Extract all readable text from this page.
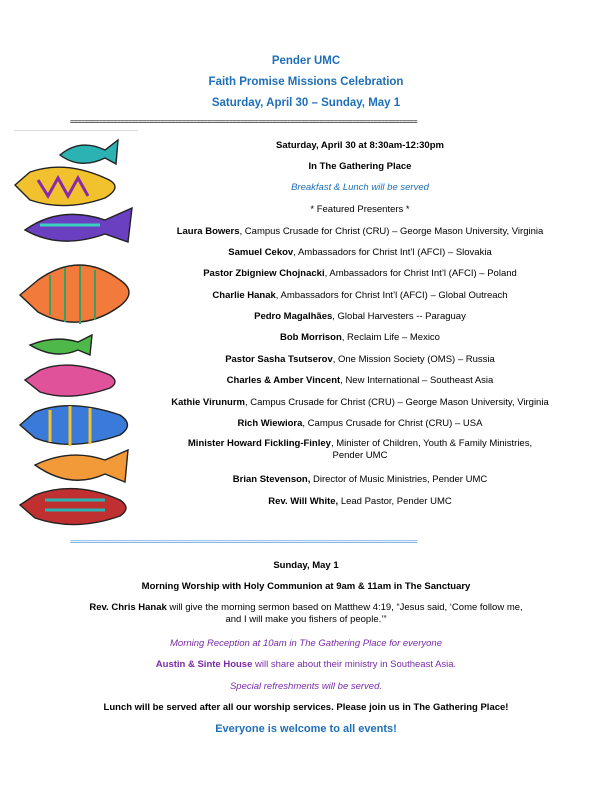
Pender UMC
Faith Promise Missions Celebration
Saturday, April 30 – Sunday, May 1
================================================================================================
Saturday, April 30 at 8:30am-12:30pm
In The Gathering Place
Breakfast & Lunch will be served
* Featured Presenters *
Laura Bowers, Campus Crusade for Christ (CRU) – George Mason University, Virginia
Samuel Cekov, Ambassadors for Christ Int’l (AFCI) – Slovakia
Pastor Zbigniew Chojnacki, Ambassadors for Christ Int’l (AFCI) – Poland
Charlie Hanak, Ambassadors for Christ Int’l (AFCI) – Global Outreach
Pedro Magalhães, Global Harvesters -- Paraguay
Bob Morrison, Reclaim Life – Mexico
Pastor Sasha Tsutserov, One Mission Society (OMS) – Russia
Charles & Amber Vincent, New International – Southeast Asia
Kathie Virunurm, Campus Crusade for Christ (CRU) – George Mason University, Virginia
Rich Wiewiora, Campus Crusade for Christ (CRU) – USA
Minister Howard Fickling-Finley, Minister of Children, Youth & Family Ministries,
Pender UMC
Brian Stevenson, Director of Music Ministries, Pender UMC
Rev. Will White, Lead Pastor, Pender UMC
================================================================================================
Sunday, May 1
Morning Worship with Holy Communion at 9am & 11am in The Sanctuary
Rev. Chris Hanak will give the morning sermon based on Matthew 4:19, “Jesus said, ‘Come follow me,
and I will make you fishers of people.’”
Morning Reception at 10am in The Gathering Place for everyone
Austin & Sinte House will share about their ministry in Southeast Asia.
Special refreshments will be served.
Lunch will be served after all our worship services. Please join us in The Gathering Place!
Everyone is welcome to all events!
